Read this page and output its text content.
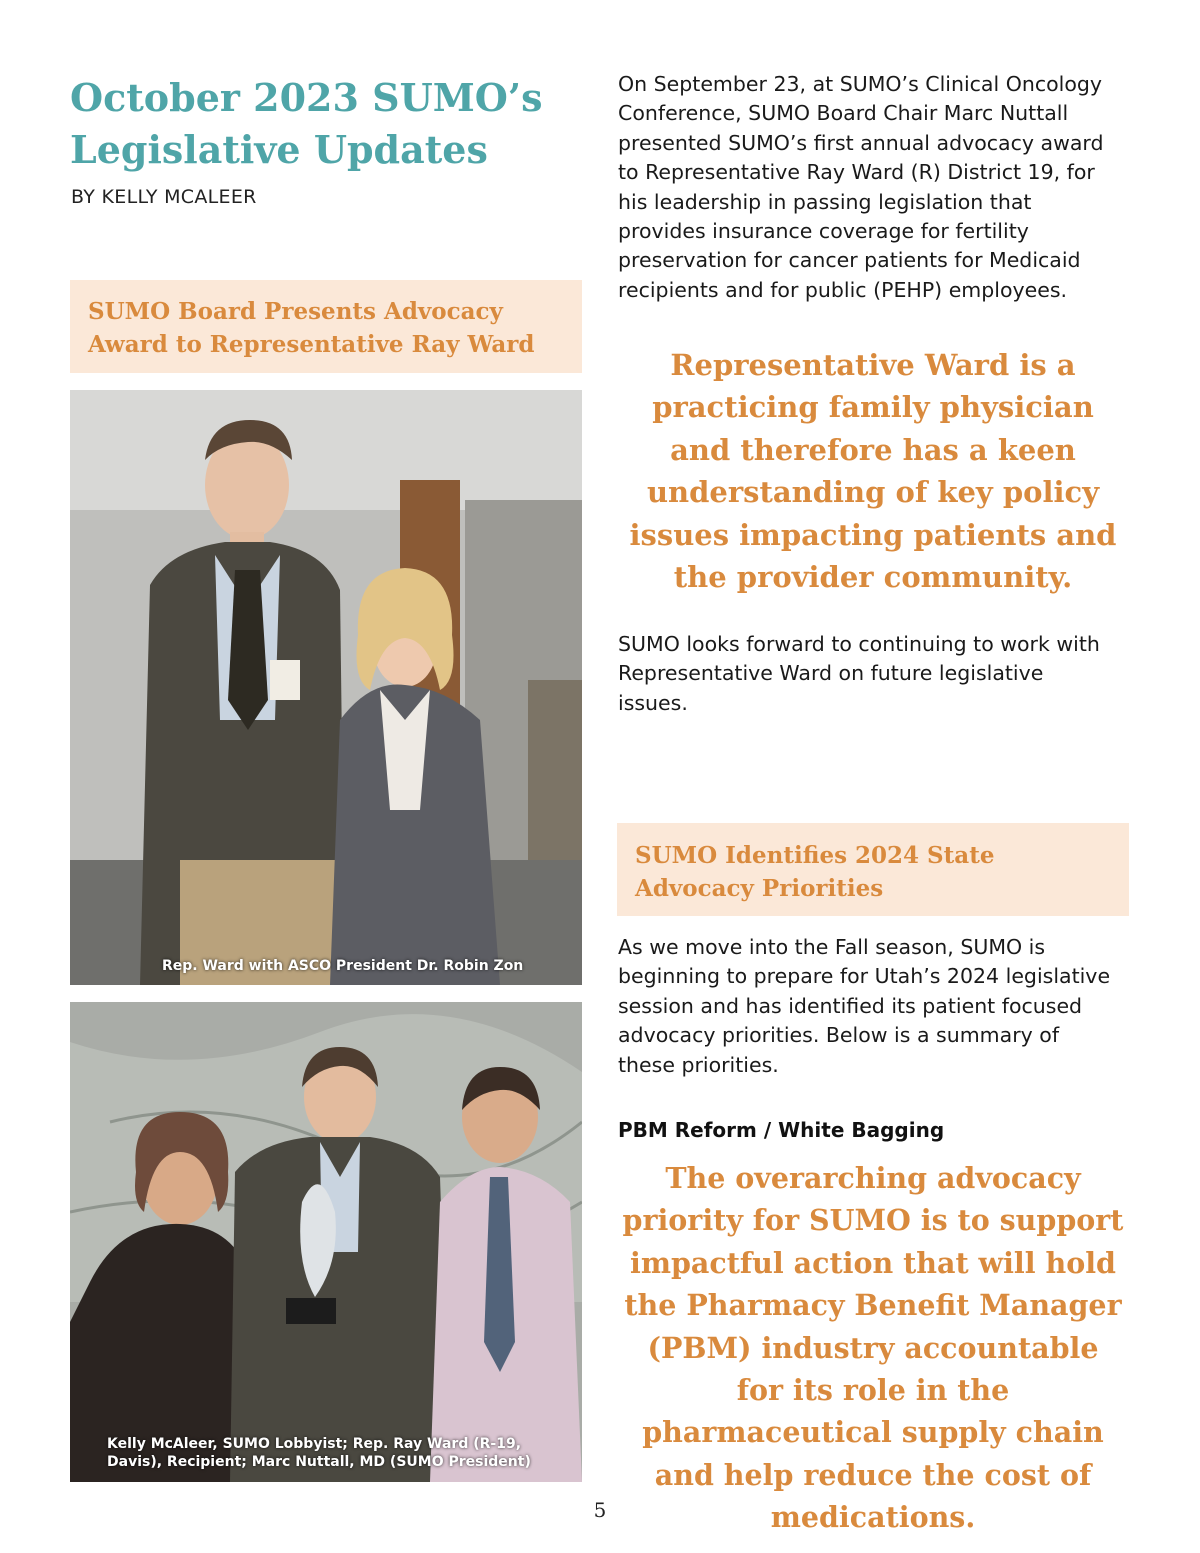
October 2023 SUMO’s Legislative Updates
BY KELLY MCALEER
SUMO Board Presents Advocacy Award to Representative Ray Ward
Rep. Ward with ASCO President Dr. Robin Zon
Kelly McAleer, SUMO Lobbyist; Rep. Ray Ward (R-19, Davis), Recipient; Marc Nuttall, MD (SUMO President)

On September 23, at SUMO’s Clinical Oncology Conference, SUMO Board Chair Marc Nuttall presented SUMO’s first annual advocacy award to Representative Ray Ward (R) District 19, for his leadership in passing legislation that provides insurance coverage for fertility preservation for cancer patients for Medicaid recipients and for public (PEHP) employees.

Representative Ward is a practicing family physician and therefore has a keen understanding of key policy issues impacting patients and the provider community.

SUMO looks forward to continuing to work with Representative Ward on future legislative issues.

SUMO Identifies 2024 State Advocacy Priorities

As we move into the Fall season, SUMO is beginning to prepare for Utah’s 2024 legislative session and has identified its patient focused advocacy priorities. Below is a summary of these priorities.

PBM Reform / White Bagging

The overarching advocacy priority for SUMO is to support impactful action that will hold the Pharmacy Benefit Manager (PBM) industry accountable for its role in the pharmaceutical supply chain and help reduce the cost of medications.

5
